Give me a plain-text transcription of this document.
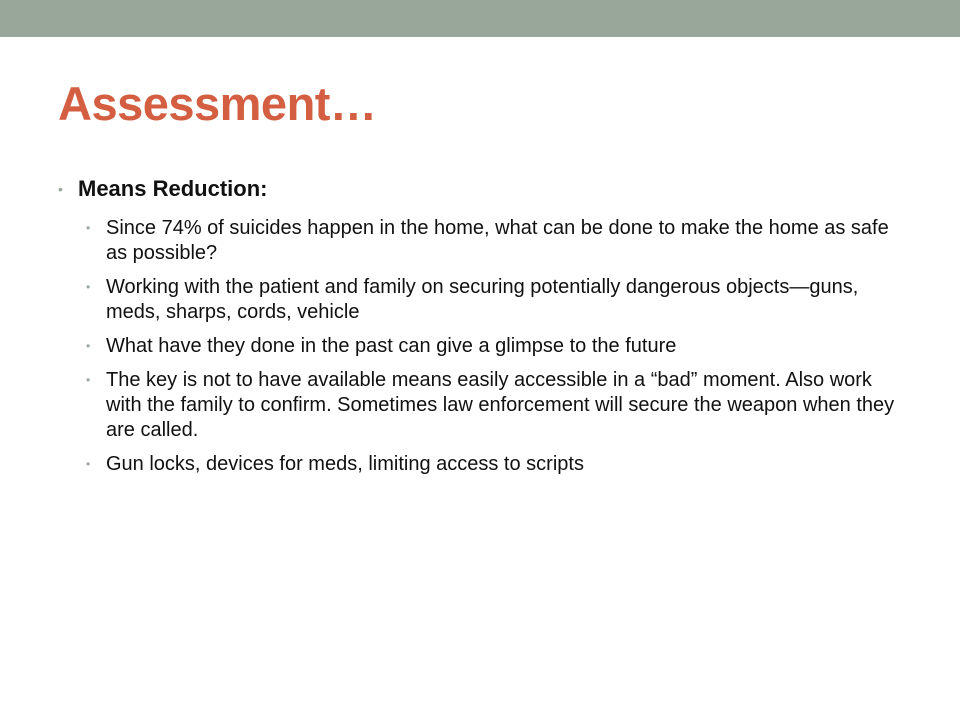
Assessment…
• Means Reduction:
• Since 74% of suicides happen in the home, what can be done to make the home as safe as possible?
• Working with the patient and family on securing potentially dangerous objects—guns, meds, sharps, cords, vehicle
• What have they done in the past can give a glimpse to the future
• The key is not to have available means easily accessible in a “bad” moment. Also work with the family to confirm. Sometimes law enforcement will secure the weapon when they are called.
• Gun locks, devices for meds, limiting access to scripts
